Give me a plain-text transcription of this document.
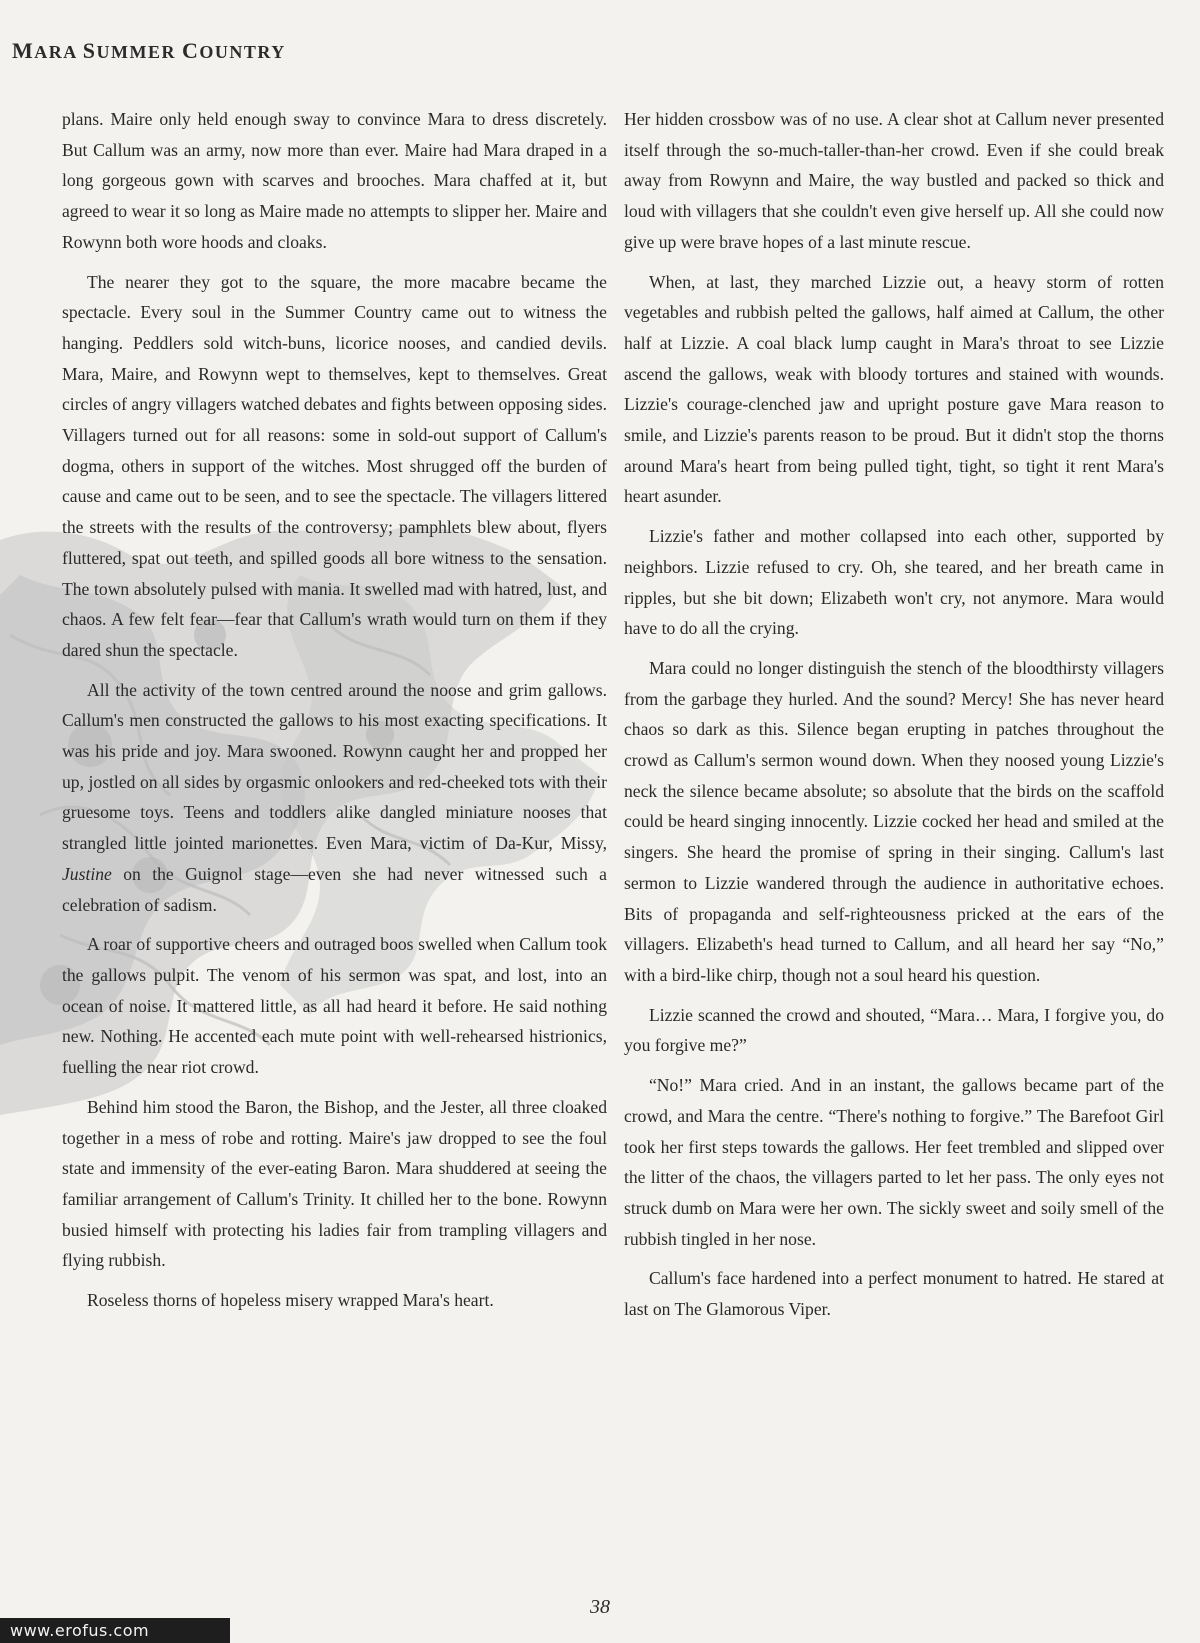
MARA SUMMER COUNTRY

plans. Maire only held enough sway to convince Mara to dress discretely. But Callum was an army, now more than ever. Maire had Mara draped in a long gorgeous gown with scarves and brooches. Mara chaffed at it, but agreed to wear it so long as Maire made no attempts to slipper her. Maire and Rowynn both wore hoods and cloaks.

The nearer they got to the square, the more macabre became the spectacle. Every soul in the Summer Country came out to witness the hanging. Peddlers sold witch-buns, licorice nooses, and candied devils. Mara, Maire, and Rowynn wept to themselves, kept to themselves. Great circles of angry villagers watched debates and fights between opposing sides. Villagers turned out for all reasons: some in sold-out support of Callum's dogma, others in support of the witches. Most shrugged off the burden of cause and came out to be seen, and to see the spectacle. The villagers littered the streets with the results of the controversy; pamphlets blew about, flyers fluttered, spat out teeth, and spilled goods all bore witness to the sensation. The town absolutely pulsed with mania. It swelled mad with hatred, lust, and chaos. A few felt fear—fear that Callum's wrath would turn on them if they dared shun the spectacle.

All the activity of the town centred around the noose and grim gallows. Callum's men constructed the gallows to his most exacting specifications. It was his pride and joy. Mara swooned. Rowynn caught her and propped her up, jostled on all sides by orgasmic onlookers and red-cheeked tots with their gruesome toys. Teens and toddlers alike dangled miniature nooses that strangled little jointed marionettes. Even Mara, victim of Da-Kur, Missy, Justine on the Guignol stage—even she had never witnessed such a celebration of sadism.

A roar of supportive cheers and outraged boos swelled when Callum took the gallows pulpit. The venom of his sermon was spat, and lost, into an ocean of noise. It mattered little, as all had heard it before. He said nothing new. Nothing. He accented each mute point with well-rehearsed histrionics, fuelling the near riot crowd.

Behind him stood the Baron, the Bishop, and the Jester, all three cloaked together in a mess of robe and rotting. Maire's jaw dropped to see the foul state and immensity of the ever-eating Baron. Mara shuddered at seeing the familiar arrangement of Callum's Trinity. It chilled her to the bone. Rowynn busied himself with protecting his ladies fair from trampling villagers and flying rubbish.

Roseless thorns of hopeless misery wrapped Mara's heart.

Her hidden crossbow was of no use. A clear shot at Callum never presented itself through the so-much-taller-than-her crowd. Even if she could break away from Rowynn and Maire, the way bustled and packed so thick and loud with villagers that she couldn't even give herself up. All she could now give up were brave hopes of a last minute rescue.

When, at last, they marched Lizzie out, a heavy storm of rotten vegetables and rubbish pelted the gallows, half aimed at Callum, the other half at Lizzie. A coal black lump caught in Mara's throat to see Lizzie ascend the gallows, weak with bloody tortures and stained with wounds. Lizzie's courage-clenched jaw and upright posture gave Mara reason to smile, and Lizzie's parents reason to be proud. But it didn't stop the thorns around Mara's heart from being pulled tight, tight, so tight it rent Mara's heart asunder.

Lizzie's father and mother collapsed into each other, supported by neighbors. Lizzie refused to cry. Oh, she teared, and her breath came in ripples, but she bit down; Elizabeth won't cry, not anymore. Mara would have to do all the crying.

Mara could no longer distinguish the stench of the bloodthirsty villagers from the garbage they hurled. And the sound? Mercy! She has never heard chaos so dark as this. Silence began erupting in patches throughout the crowd as Callum's sermon wound down. When they noosed young Lizzie's neck the silence became absolute; so absolute that the birds on the scaffold could be heard singing innocently. Lizzie cocked her head and smiled at the singers. She heard the promise of spring in their singing. Callum's last sermon to Lizzie wandered through the audience in authoritative echoes. Bits of propaganda and self-righteousness pricked at the ears of the villagers. Elizabeth's head turned to Callum, and all heard her say “No,” with a bird-like chirp, though not a soul heard his question.

Lizzie scanned the crowd and shouted, “Mara… Mara, I forgive you, do you forgive me?”

“No!” Mara cried. And in an instant, the gallows became part of the crowd, and Mara the centre. “There's nothing to forgive.” The Barefoot Girl took her first steps towards the gallows. Her feet trembled and slipped over the litter of the chaos, the villagers parted to let her pass. The only eyes not struck dumb on Mara were her own. The sickly sweet and soily smell of the rubbish tingled in her nose.

Callum's face hardened into a perfect monument to hatred. He stared at last on The Glamorous Viper.

38
www.erofus.com
